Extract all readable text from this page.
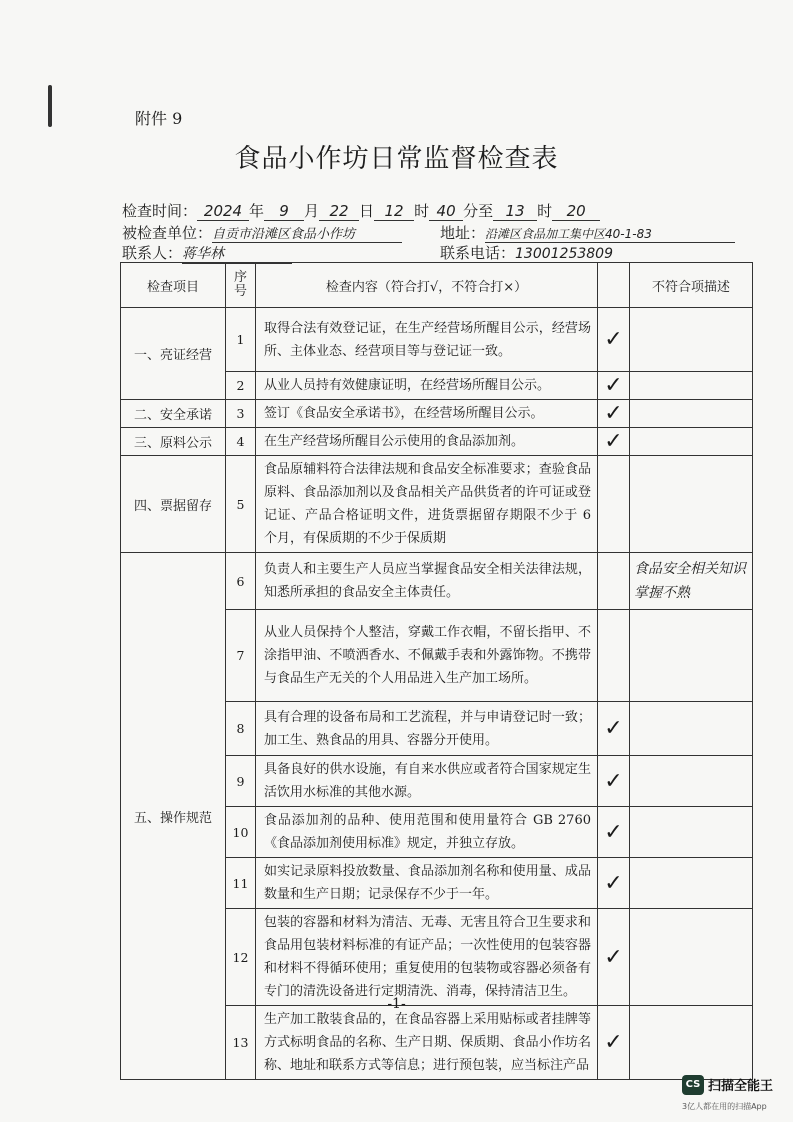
附件 9
食品小作坊日常监督检查表
检查时间： 2024 年 9 月 22 日 12 时 40 分至 13 时 20
被检查单位：自贡市沿滩区食品小作坊	地址：沿滩区食品加工集中区40-1-83
联系人：蒋华林	联系电话：13001253809
检查项目	序号	检查内容（符合打√，不符合打×）		不符合项描述
一、亮证经营	1	取得合法有效登记证，在生产经营场所醒目公示，经营场所、主体业态、经营项目等与登记证一致。	✓	
	2	从业人员持有效健康证明，在经营场所醒目公示。	✓	
二、安全承诺	3	签订《食品安全承诺书》，在经营场所醒目公示。	✓	
三、原料公示	4	在生产经营场所醒目公示使用的食品添加剂。	✓	
四、票据留存	5	食品原辅料符合法律法规和食品安全标准要求；查验食品原料、食品添加剂以及食品相关产品供货者的许可证或登记证、产品合格证明文件，进货票据留存期限不少于 6 个月，有保质期的不少于保质期		
五、操作规范	6	负责人和主要生产人员应当掌握食品安全相关法律法规，知悉所承担的食品安全主体责任。		食品安全相关知识掌握不熟
	7	从业人员保持个人整洁，穿戴工作衣帽，不留长指甲、不涂指甲油、不喷洒香水、不佩戴手表和外露饰物。不携带与食品生产无关的个人用品进入生产加工场所。		
	8	具有合理的设备布局和工艺流程，并与申请登记时一致；加工生、熟食品的用具、容器分开使用。	✓	
	9	具备良好的供水设施，有自来水供应或者符合国家规定生活饮用水标准的其他水源。	✓	
	10	食品添加剂的品种、使用范围和使用量符合 GB 2760《食品添加剂使用标准》规定，并独立存放。	✓	
	11	如实记录原料投放数量、食品添加剂名称和使用量、成品数量和生产日期；记录保存不少于一年。	✓	
	12	包装的容器和材料为清洁、无毒、无害且符合卫生要求和食品用包装材料标准的有证产品；一次性使用的包装容器和材料不得循环使用；重复使用的包装物或容器必须备有专门的清洗设备进行定期清洗、消毒，保持清洁卫生。	✓	
	13	生产加工散装食品的，在食品容器上采用贴标或者挂牌等方式标明食品的名称、生产日期、保质期、食品小作坊名称、地址和联系方式等信息；进行预包装，应当标注产品	✓	
-1-
CS 扫描全能王
3亿人都在用的扫描App
